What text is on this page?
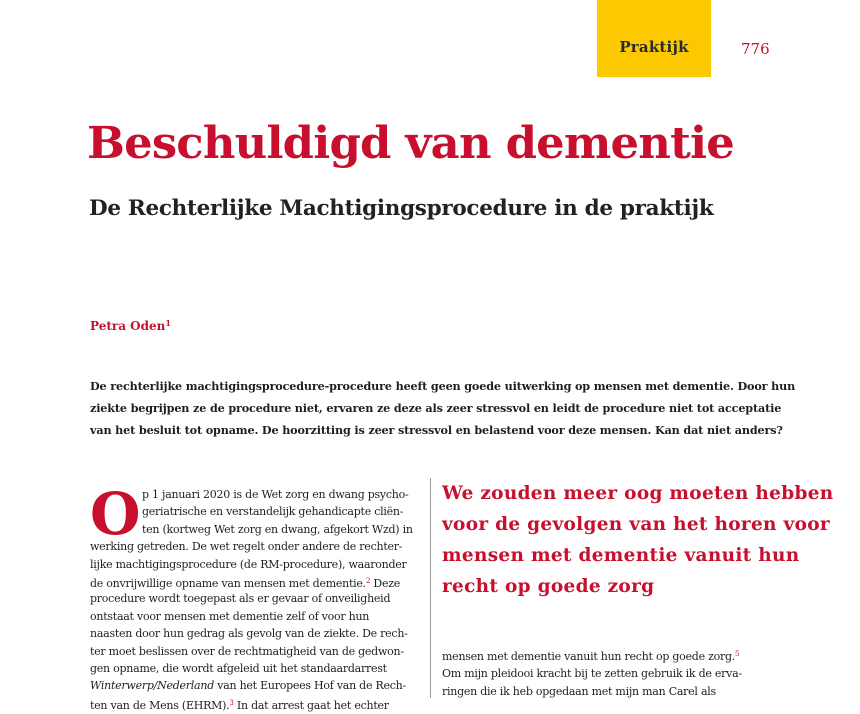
Praktijk	776
Beschuldigd van dementie
De Rechterlijke Machtigingsprocedure in de praktijk
Petra Oden$^1$
De rechterlijke machtigingsprocedure-procedure heeft geen goede uitwerking op mensen met dementie. Door hun
ziekte begrijpen ze de procedure niet, ervaren ze deze als zeer stressvol en leidt de procedure niet tot acceptatie
van het besluit tot opname. De hoorzitting is zeer stressvol en belastend voor deze mensen. Kan dat niet anders?
O p 1 januari 2020 is de Wet zorg en dwang psycho-
geriatrische en verstandelijk gehandicapte cliën-
ten (kortweg Wet zorg en dwang, afgekort Wzd) in
werking getreden. De wet regelt onder andere de rechter-
lijke machtigingsprocedure (de RM-procedure), waaronder
de onvrijwillige opname van mensen met dementie.$^2$ Deze
procedure wordt toegepast als er gevaar of onveiligheid
ontstaat voor mensen met dementie zelf of voor hun
naasten door hun gedrag als gevolg van de ziekte. De rech-
ter moet beslissen over de rechtmatigheid van de gedwon-
gen opname, die wordt afgeleid uit het standaardarrest
Winterwerp/Nederland van het Europees Hof van de Rech-
ten van de Mens (EHRM).$^3$ In dat arrest gaat het echter
We zouden meer oog moeten hebben
voor de gevolgen van het horen voor
mensen met dementie vanuit hun
recht op goede zorg
mensen met dementie vanuit hun recht op goede zorg.$^5$
Om mijn pleidooi kracht bij te zetten gebruik ik de erva-
ringen die ik heb opgedaan met mijn man Carel als
